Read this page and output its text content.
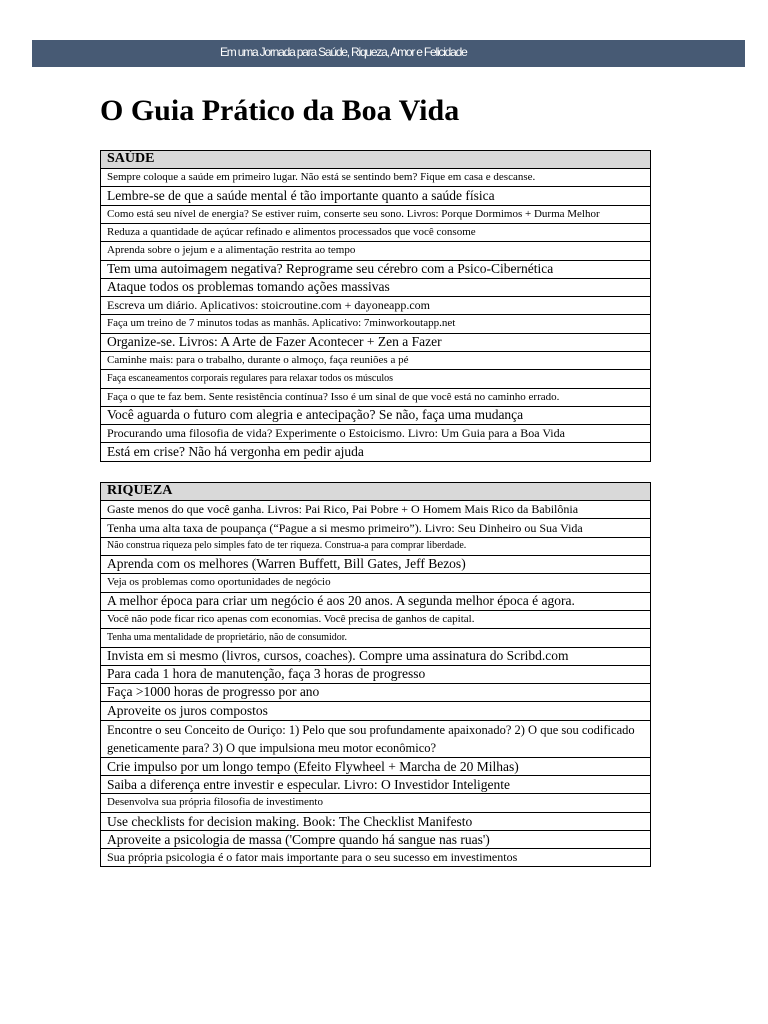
Em uma Jornada para Saúde, Riqueza, Amor e Felicidade
O Guia Prático da Boa Vida
SAÚDE
Sempre coloque a saúde em primeiro lugar. Não está se sentindo bem? Fique em casa e descanse.
Lembre-se de que a saúde mental é tão importante quanto a saúde física
Como está seu nível de energia? Se estiver ruim, conserte seu sono. Livros: Porque Dormimos + Durma Melhor
Reduza a quantidade de açúcar refinado e alimentos processados que você consome
Aprenda sobre o jejum e a alimentação restrita ao tempo
Tem uma autoimagem negativa? Reprograme seu cérebro com a Psico-Cibernética
Ataque todos os problemas tomando ações massivas
Escreva um diário. Aplicativos: stoicroutine.com + dayoneapp.com
Faça um treino de 7 minutos todas as manhãs. Aplicativo: 7minworkoutapp.net
Organize-se. Livros: A Arte de Fazer Acontecer + Zen a Fazer
Caminhe mais: para o trabalho, durante o almoço, faça reuniões a pé
Faça escaneamentos corporais regulares para relaxar todos os músculos
Faça o que te faz bem. Sente resistência contínua? Isso é um sinal de que você está no caminho errado.
Você aguarda o futuro com alegria e antecipação? Se não, faça uma mudança
Procurando uma filosofia de vida? Experimente o Estoicismo. Livro: Um Guia para a Boa Vida
Está em crise? Não há vergonha em pedir ajuda
RIQUEZA
Gaste menos do que você ganha. Livros: Pai Rico, Pai Pobre + O Homem Mais Rico da Babilônia
Tenha uma alta taxa de poupança (“Pague a si mesmo primeiro”). Livro: Seu Dinheiro ou Sua Vida
Não construa riqueza pelo simples fato de ter riqueza. Construa-a para comprar liberdade.
Aprenda com os melhores (Warren Buffett, Bill Gates, Jeff Bezos)
Veja os problemas como oportunidades de negócio
A melhor época para criar um negócio é aos 20 anos. A segunda melhor época é agora.
Você não pode ficar rico apenas com economias. Você precisa de ganhos de capital.
Tenha uma mentalidade de proprietário, não de consumidor.
Invista em si mesmo (livros, cursos, coaches). Compre uma assinatura do Scribd.com
Para cada 1 hora de manutenção, faça 3 horas de progresso
Faça >1000 horas de progresso por ano
Aproveite os juros compostos
Encontre o seu Conceito de Ouriço: 1) Pelo que sou profundamente apaixonado? 2) O que sou codificado geneticamente para? 3) O que impulsiona meu motor econômico?
Crie impulso por um longo tempo (Efeito Flywheel + Marcha de 20 Milhas)
Saiba a diferença entre investir e especular. Livro: O Investidor Inteligente
Desenvolva sua própria filosofia de investimento
Use checklists for decision making. Book: The Checklist Manifesto
Aproveite a psicologia de massa ('Compre quando há sangue nas ruas')
Sua própria psicologia é o fator mais importante para o seu sucesso em investimentos
